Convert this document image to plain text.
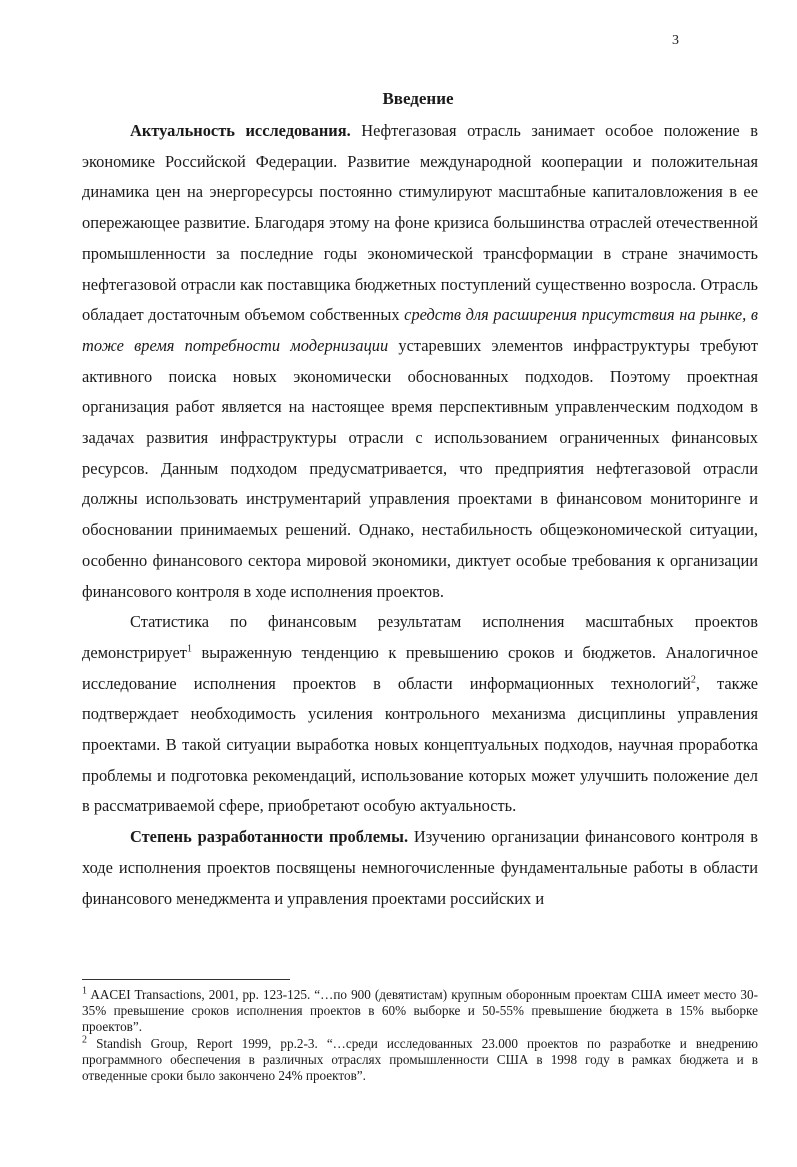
3
Введение

Актуальность исследования. Нефтегазовая отрасль занимает особое положение в экономике Российской Федерации. Развитие международной кооперации и положительная динамика цен на энергоресурсы постоянно стимулируют масштабные капиталовложения в ее опережающее развитие. Благодаря этому на фоне кризиса большинства отраслей отечественной промышленности за последние годы экономической трансформации в стране значимость нефтегазовой отрасли как поставщика бюджетных поступлений существенно возросла. Отрасль обладает достаточным объемом собственных средств для расширения присутствия на рынке, в тоже время потребности модернизации устаревших элементов инфраструктуры требуют активного поиска новых экономически обоснованных подходов. Поэтому проектная организация работ является на настоящее время перспективным управленческим подходом в задачах развития инфраструктуры отрасли с использованием ограниченных финансовых ресурсов. Данным подходом предусматривается, что предприятия нефтегазовой отрасли должны использовать инструментарий управления проектами в финансовом мониторинге и обосновании принимаемых решений. Однако, нестабильность общеэкономической ситуации, особенно финансового сектора мировой экономики, диктует особые требования к организации финансового контроля в ходе исполнения проектов.

Статистика по финансовым результатам исполнения масштабных проектов демонстрирует$^1$ выраженную тенденцию к превышению сроков и бюджетов. Аналогичное исследование исполнения проектов в области информационных технологий$^2$, также подтверждает необходимость усиления контрольного механизма дисциплины управления проектами. В такой ситуации выработка новых концептуальных подходов, научная проработка проблемы и подготовка рекомендаций, использование которых может улучшить положение дел в рассматриваемой сфере, приобретают особую актуальность.

Степень разработанности проблемы. Изучению организации финансового контроля в ходе исполнения проектов посвящены немногочисленные фундаментальные работы в области финансового менеджмента и управления проектами российских и

$^1$ AACEI Transactions, 2001, pp. 123-125. “…по 900 (девятистам) крупным оборонным проектам США имеет место 30-35% превышение сроков исполнения проектов в 60% выборке и 50-55% превышение бюджета в 15% выборке проектов”.

$^2$ Standish Group, Report 1999, pp.2-3. “…среди исследованных 23.000 проектов по разработке и внедрению программного обеспечения в различных отраслях промышленности США в 1998 году в рамках бюджета и в отведенные сроки было закончено 24% проектов”.
